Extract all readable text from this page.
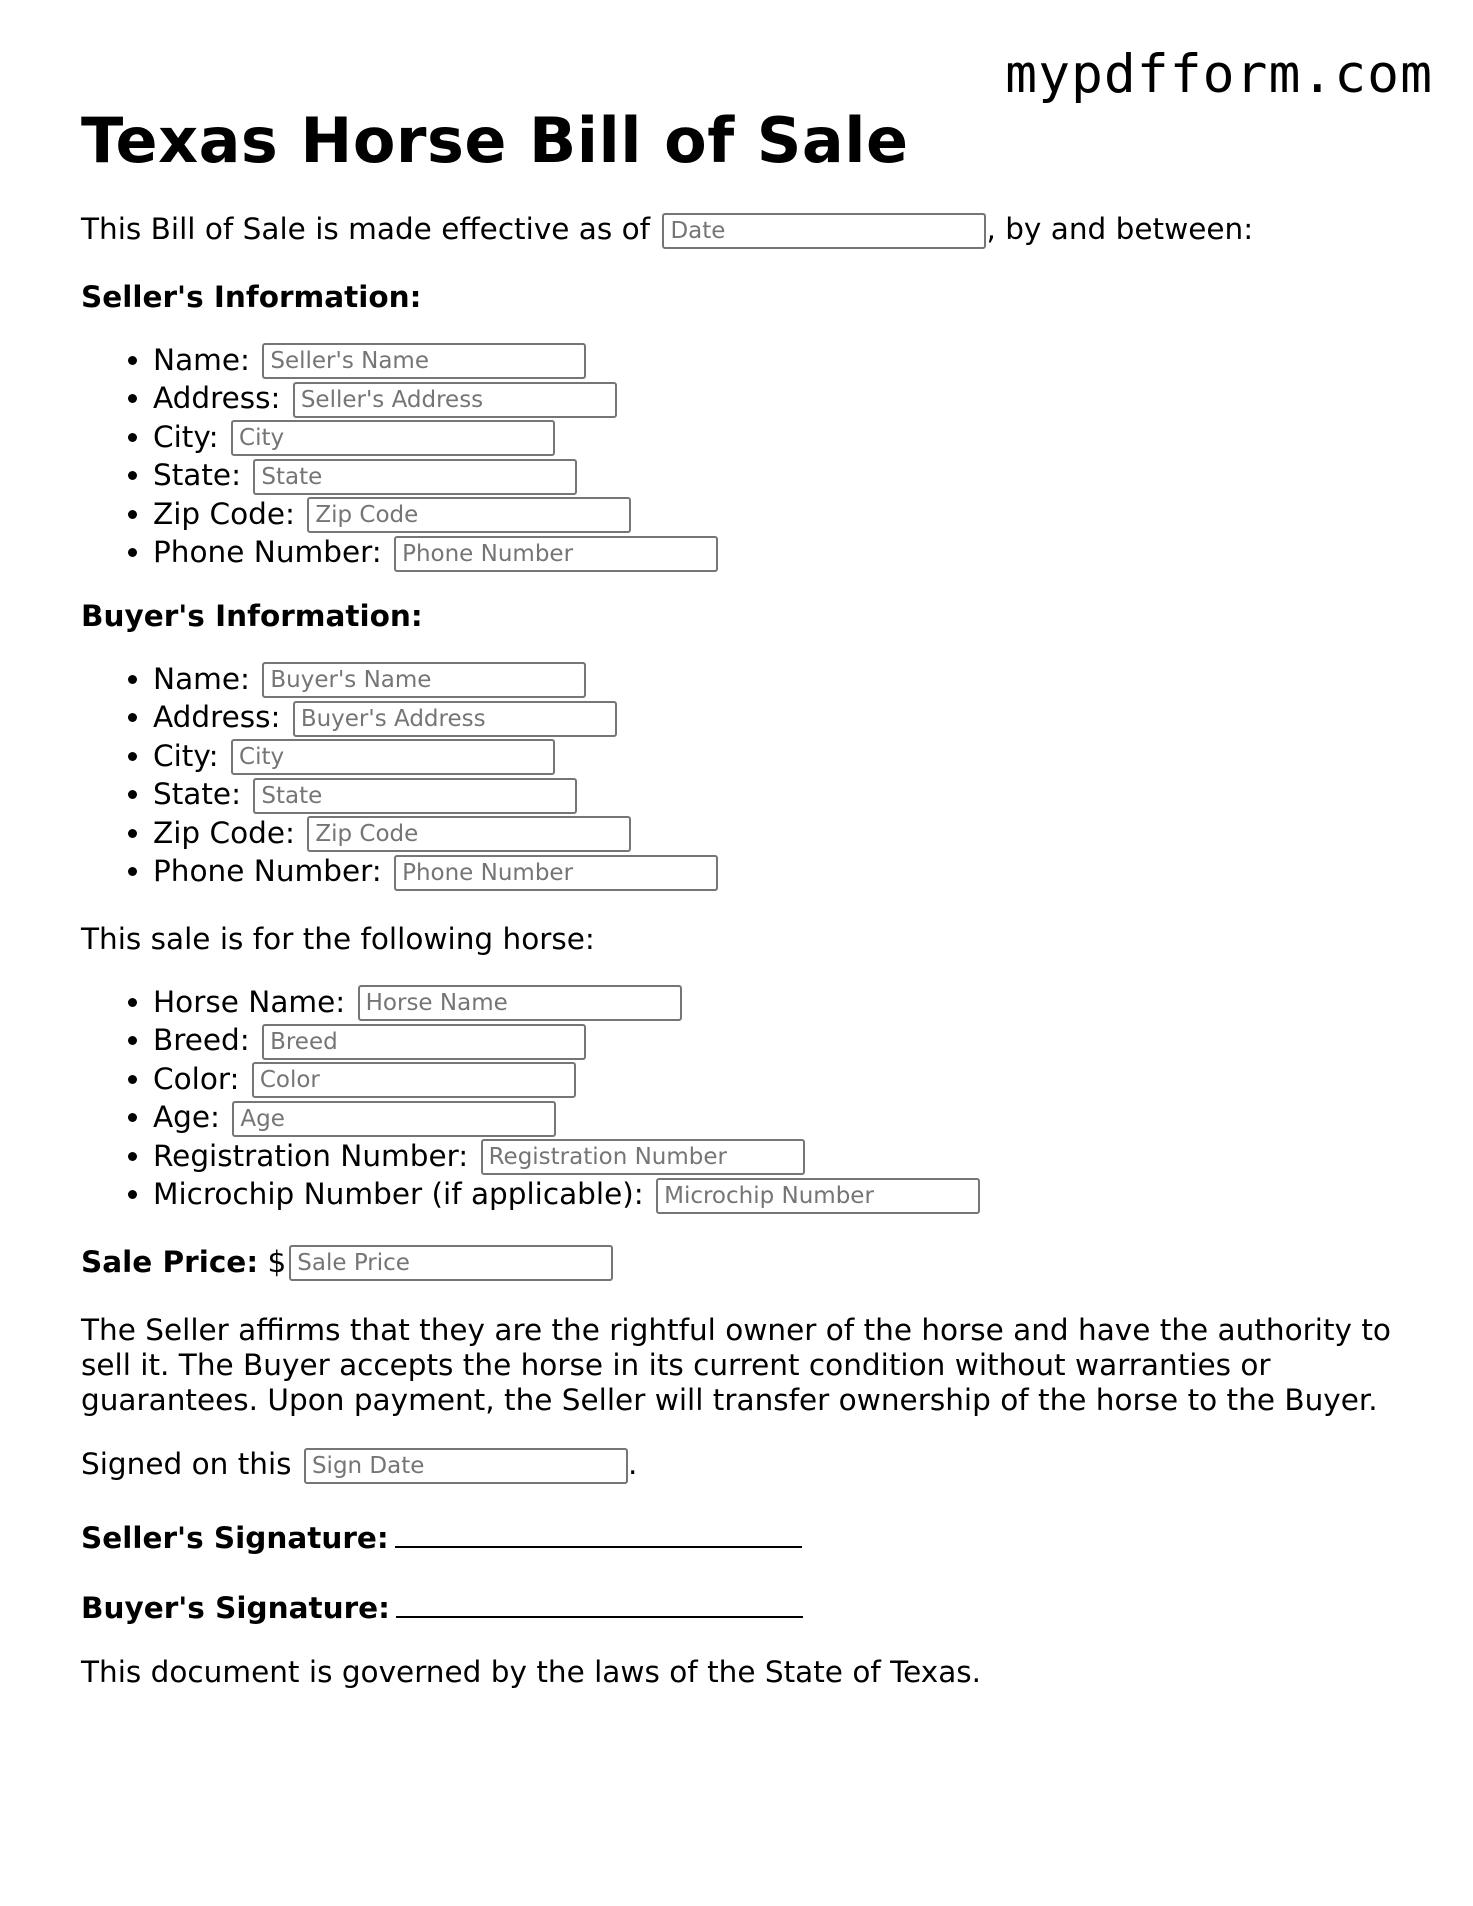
mypdfform.com
Texas Horse Bill of Sale

This Bill of Sale is made effective as of Date	, by and between:

Seller's Information:

• Name: Seller's Name
• Address: Seller's Address
• City: City
• State: State
• Zip Code: Zip Code
• Phone Number: Phone Number

Buyer's Information:

• Name: Buyer's Name
• Address: Buyer's Address
• City: City
• State: State
• Zip Code: Zip Code
• Phone Number: Phone Number

This sale is for the following horse:

• Horse Name: Horse Name
• Breed: Breed
• Color: Color
• Age: Age
• Registration Number: Registration Number
• Microchip Number (if applicable): Microchip Number

Sale Price: $Sale Price

The Seller affirms that they are the rightful owner of the horse and have the authority to sell it. The Buyer accepts the horse in its current condition without warranties or guarantees. Upon payment, the Seller will transfer ownership of the horse to the Buyer.

Signed on this Sign Date	.

Seller's Signature:

Buyer's Signature:

This document is governed by the laws of the State of Texas.
